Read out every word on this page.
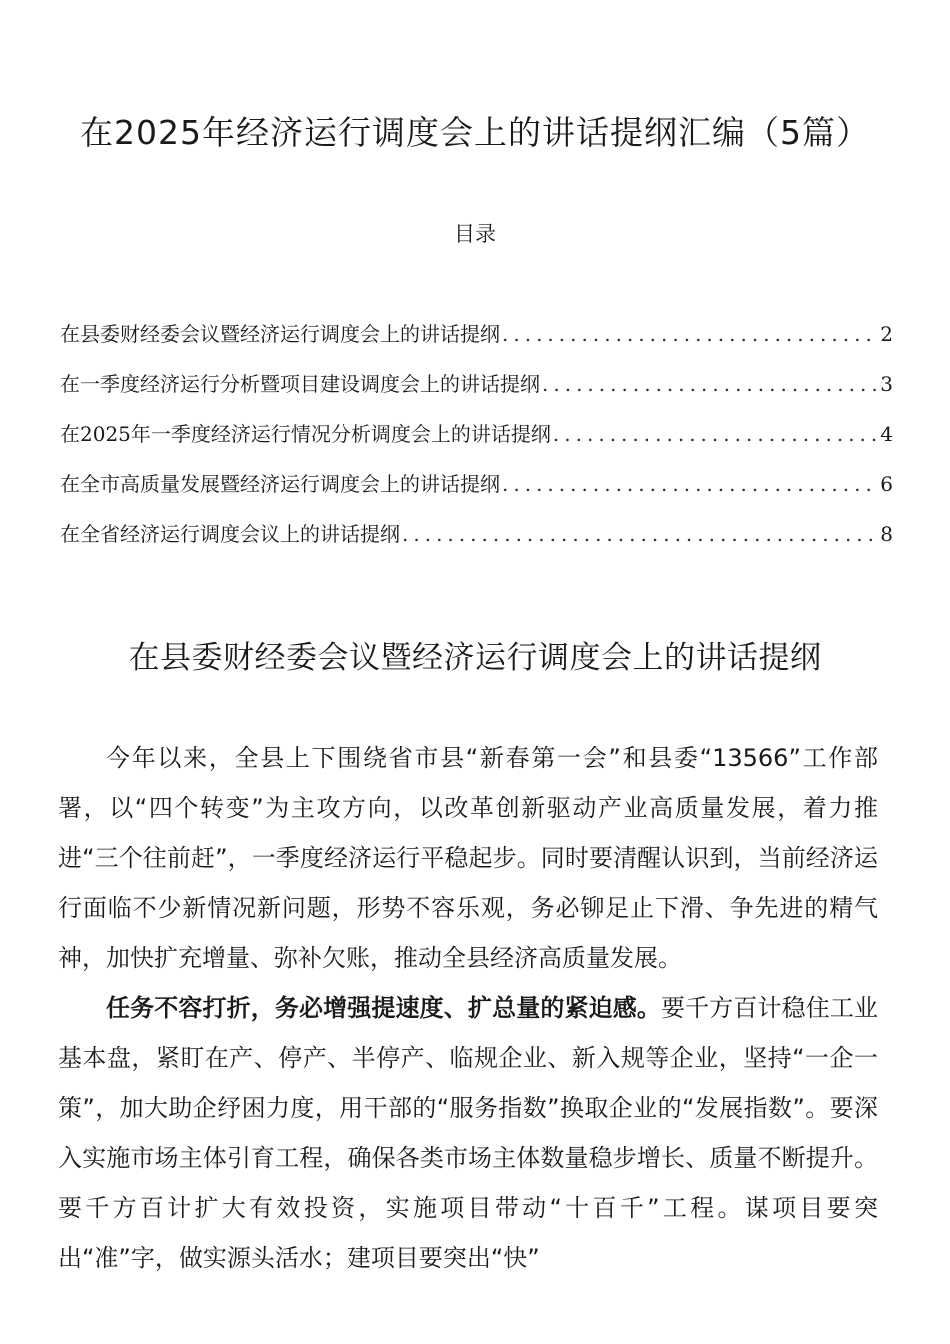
在2025年经济运行调度会上的讲话提纲汇编（5篇）
目录
在县委财经委会议暨经济运行调度会上的讲话提纲 .....	2
在一季度经济运行分析暨项目建设调度会上的讲话提纲 .....	3
在2025年一季度经济运行情况分析调度会上的讲话提纲 .....	4
在全市高质量发展暨经济运行调度会上的讲话提纲 .....	6
在全省经济运行调度会议上的讲话提纲 .....	8
在县委财经委会议暨经济运行调度会上的讲话提纲

今年以来，全县上下围绕省市县“新春第一会”和县委“13566”工作部署，以“四个转变”为主攻方向，以改革创新驱动产业高质量发展，着力推进“三个往前赶”，一季度经济运行平稳起步。同时要清醒认识到，当前经济运行面临不少新情况新问题，形势不容乐观，务必铆足止下滑、争先进的精气神，加快扩充增量、弥补欠账，推动全县经济高质量发展。

任务不容打折，务必增强提速度、扩总量的紧迫感。要千方百计稳住工业基本盘，紧盯在产、停产、半停产、临规企业、新入规等企业，坚持“一企一策”，加大助企纾困力度，用干部的“服务指数”换取企业的“发展指数”。要深入实施市场主体引育工程，确保各类市场主体数量稳步增长、质量不断提升。要千方百计扩大有效投资，实施项目带动“十百千”工程。谋项目要突出“准”字，做实源头活水；建项目要突出“快”
